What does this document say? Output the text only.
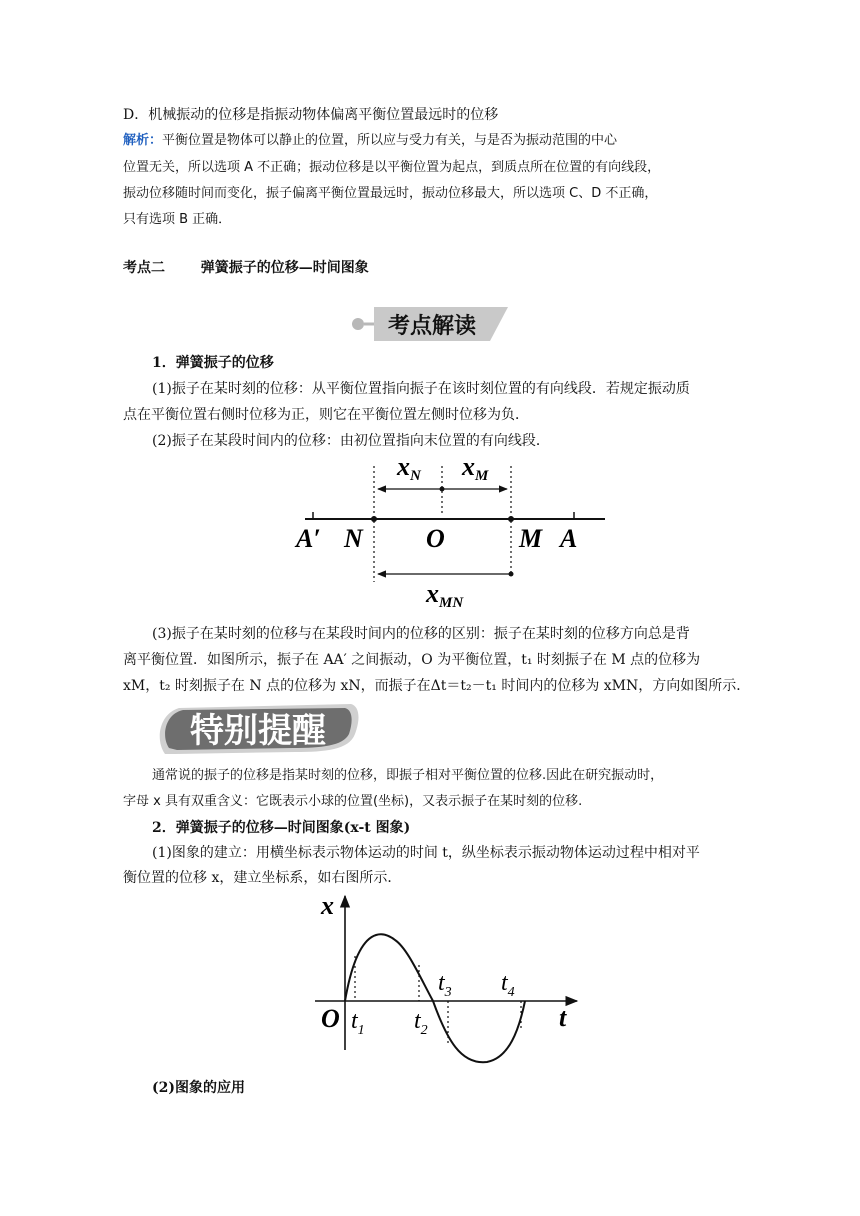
D．机械振动的位移是指振动物体偏离平衡位置最远时的位移
解析：平衡位置是物体可以静止的位置，所以应与受力有关，与是否为振动范围的中心
位置无关，所以选项 A 不正确；振动位移是以平衡位置为起点，到质点所在位置的有向线段，
振动位移随时间而变化，振子偏离平衡位置最远时，振动位移最大，所以选项 C、D 不正确，
只有选项 B 正确．
考点二	弹簧振子的位移—时间图象
考点解读
1．弹簧振子的位移
(1)振子在某时刻的位移：从平衡位置指向振子在该时刻位置的有向线段．若规定振动质
点在平衡位置右侧时位移为正，则它在平衡位置左侧时位移为负．
(2)振子在某段时间内的位移：由初位置指向末位置的有向线段．
xN xM
A′ N O	M A
xMN
(3)振子在某时刻的位移与在某段时间内的位移的区别：振子在某时刻的位移方向总是背
离平衡位置．如图所示，振子在 AA′ 之间振动，O 为平衡位置，t₁ 时刻振子在 M 点的位移为
xM，t₂ 时刻振子在 N 点的位移为 xN，而振子在Δt＝t₂－t₁ 时间内的位移为 xMN，方向如图所示．
特别提醒
通常说的振子的位移是指某时刻的位移，即振子相对平衡位置的位移.因此在研究振动时，
字母 x 具有双重含义：它既表示小球的位置(坐标)，又表示振子在某时刻的位移.
2．弹簧振子的位移—时间图象(x-t 图象)
(1)图象的建立：用横坐标表示物体运动的时间 t，纵坐标表示振动物体运动过程中相对平
衡位置的位移 x，建立坐标系，如右图所示．
x
t
O $t_1$ $t_2$
$t_3$ $t_4$
(2)图象的应用
